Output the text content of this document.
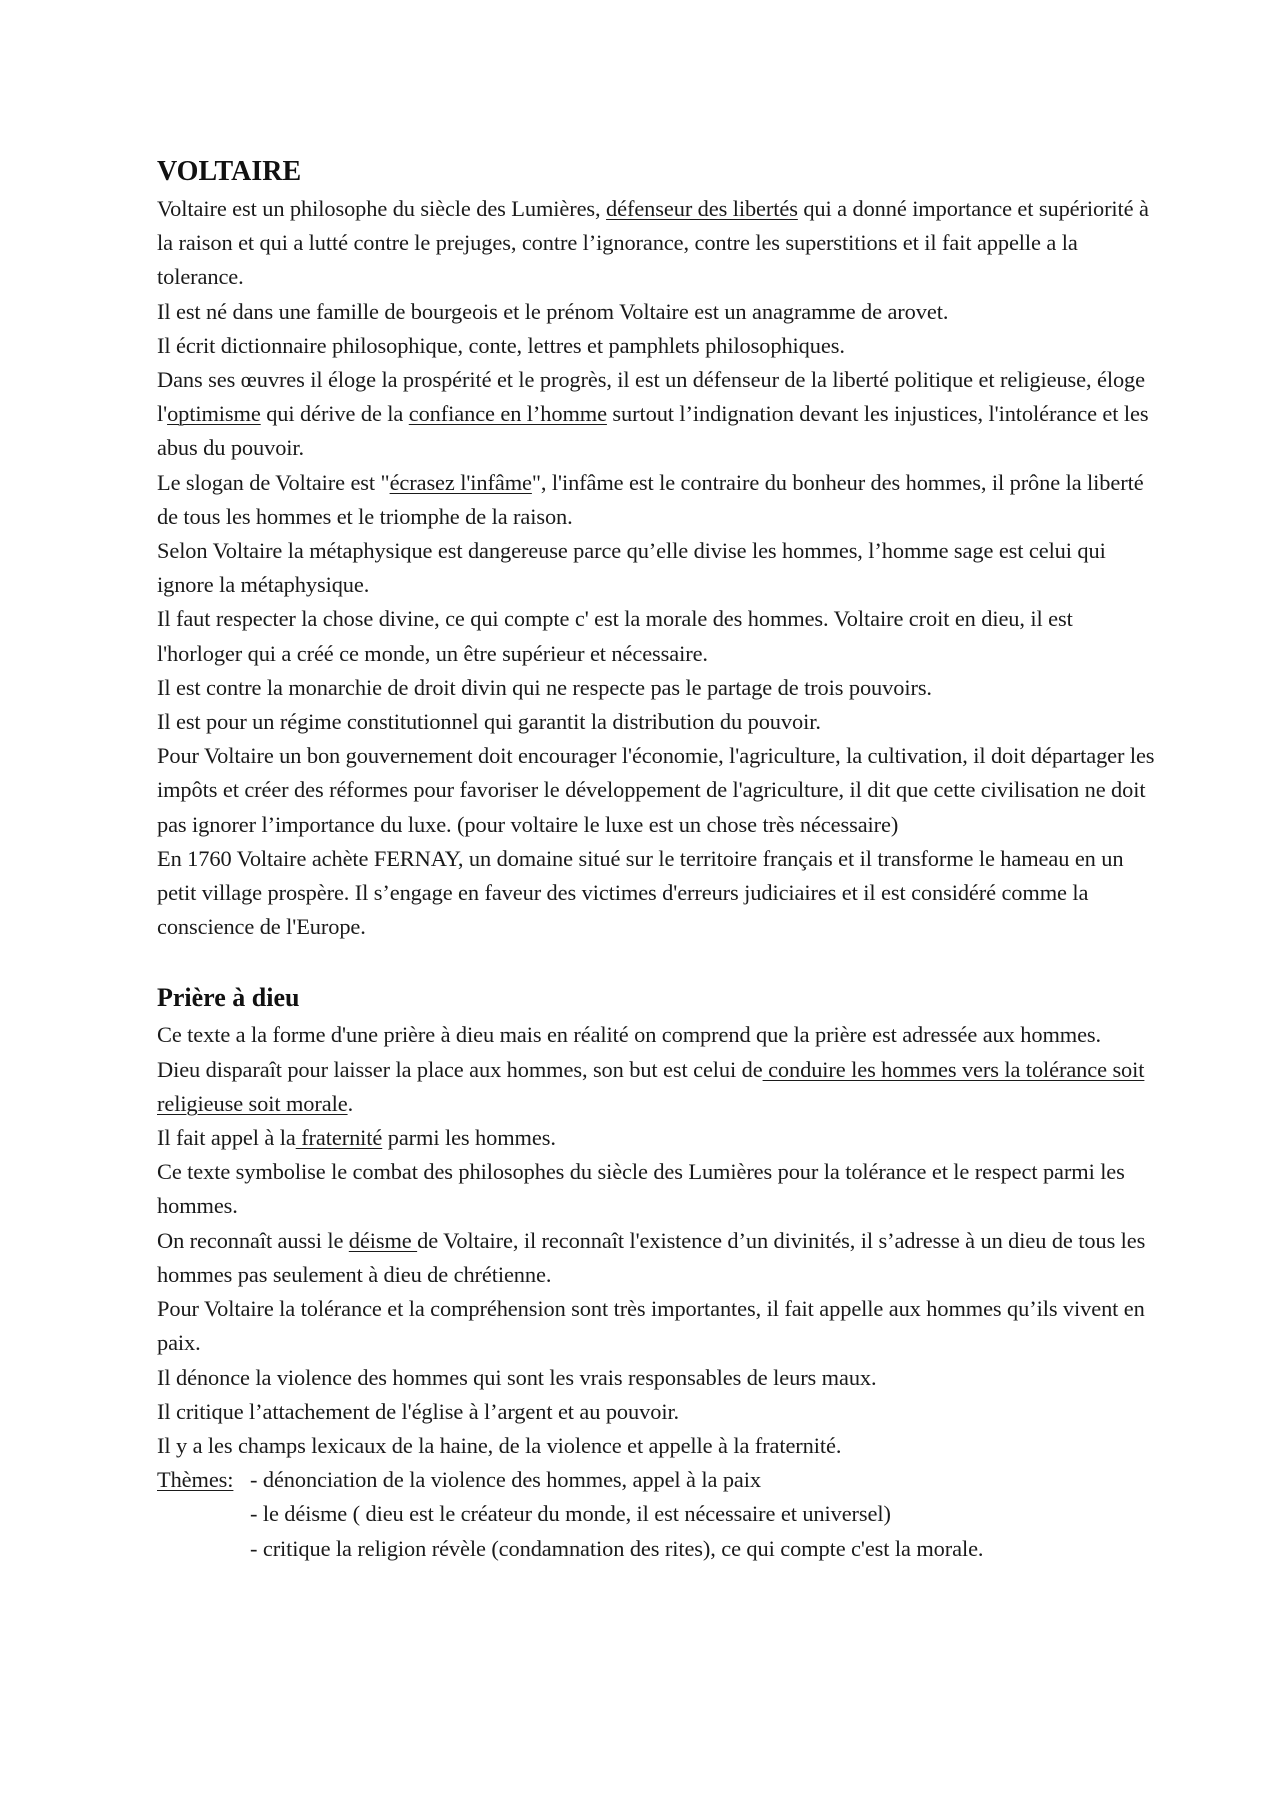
VOLTAIRE

Voltaire est un philosophe du siècle des Lumières, défenseur des libertés qui a donné importance et supériorité à la raison et qui a lutté contre le prejuges, contre l’ignorance, contre les superstitions et il fait appelle a la tolerance.

Il est né dans une famille de bourgeois et le prénom Voltaire est un anagramme de arovet.

Il écrit dictionnaire philosophique, conte, lettres et pamphlets philosophiques.

Dans ses œuvres il éloge la prospérité et le progrès, il est un défenseur de la liberté politique et religieuse, éloge l'optimisme qui dérive de la confiance en l’homme surtout l’indignation devant les injustices, l'intolérance et les abus du pouvoir.

Le slogan de Voltaire est "écrasez l'infâme", l'infâme est le contraire du bonheur des hommes, il prône la liberté de tous les hommes et le triomphe de la raison.

Selon Voltaire la métaphysique est dangereuse parce qu’elle divise les hommes, l’homme sage est celui qui ignore la métaphysique.

Il faut respecter la chose divine, ce qui compte c' est la morale des hommes. Voltaire croit en dieu, il est l'horloger qui a créé ce monde, un être supérieur et nécessaire.

Il est contre la monarchie de droit divin qui ne respecte pas le partage de trois pouvoirs.

Il est pour un régime constitutionnel qui garantit la distribution du pouvoir.

Pour Voltaire un bon gouvernement doit encourager l'économie, l'agriculture, la cultivation, il doit départager les impôts et créer des réformes pour favoriser le développement de l'agriculture, il dit que cette civilisation ne doit pas ignorer l’importance du luxe. (pour voltaire le luxe est un chose très nécessaire)

En 1760 Voltaire achète FERNAY, un domaine situé sur le territoire français et il transforme le hameau en un petit village prospère. Il s’engage en faveur des victimes d'erreurs judiciaires et il est considéré comme la conscience de l'Europe.

Prière à dieu

Ce texte a la forme d'une prière à dieu mais en réalité on comprend que la prière est adressée aux hommes.

Dieu disparaît pour laisser la place aux hommes, son but est celui de conduire les hommes vers la tolérance soit religieuse soit morale.

Il fait appel à la fraternité parmi les hommes.

Ce texte symbolise le combat des philosophes du siècle des Lumières pour la tolérance et le respect parmi les hommes.

On reconnaît aussi le déisme de Voltaire, il reconnaît l'existence d’un divinités, il s’adresse à un dieu de tous les hommes pas seulement à dieu de chrétienne.

Pour Voltaire la tolérance et la compréhension sont très importantes, il fait appelle aux hommes qu’ils vivent en paix.

Il dénonce la violence des hommes qui sont les vrais responsables de leurs maux.

Il critique l’attachement de l'église à l’argent et au pouvoir.

Il y a les champs lexicaux de la haine, de la violence et appelle à la fraternité.

Thèmes: - dénonciation de la violence des hommes, appel à la paix
- le déisme ( dieu est le créateur du monde, il est nécessaire et universel)
- critique la religion révèle (condamnation des rites), ce qui compte c'est la morale.
